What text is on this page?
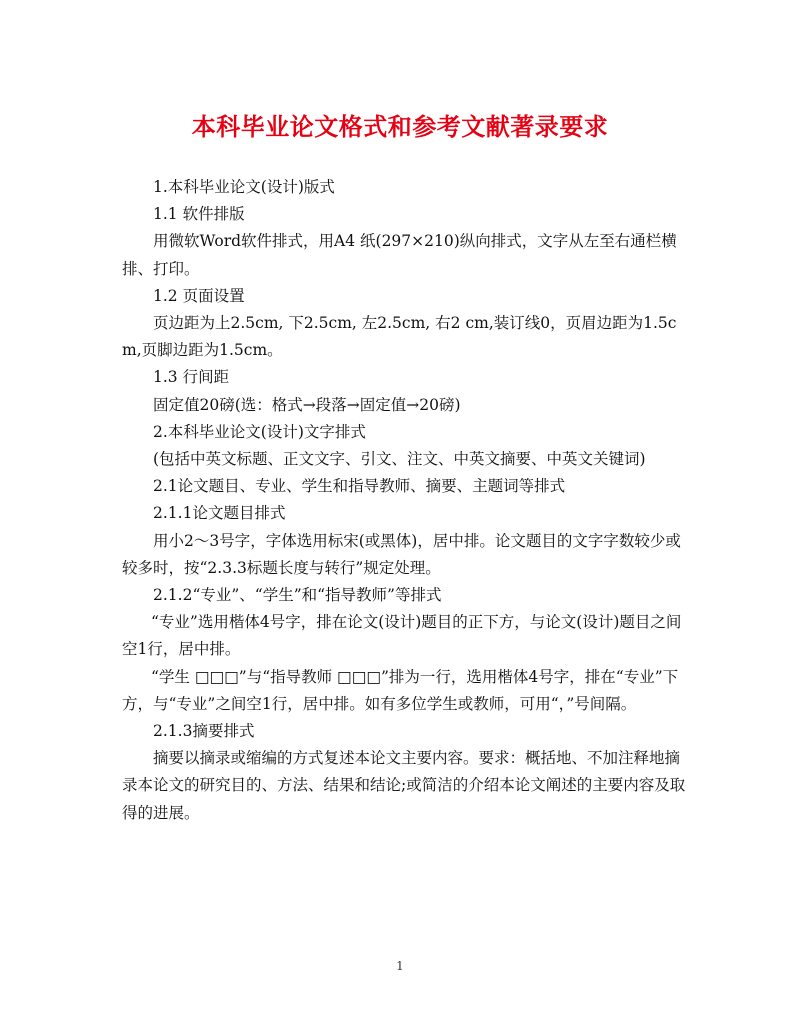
本科毕业论文格式和参考文献著录要求

1.本科毕业论文(设计)版式

1.1 软件排版

用微软Word软件排式，用A4 纸(297×210)纵向排式，文字从左至右通栏横排、打印。

1.2 页面设置

页边距为上2.5cm, 下2.5cm, 左2.5cm, 右2 cm,装订线0，页眉边距为1.5cm,页脚边距为1.5cm。

1.3 行间距

固定值20磅(选：格式→段落→固定值→20磅)

2.本科毕业论文(设计)文字排式

(包括中英文标题、正文文字、引文、注文、中英文摘要、中英文关键词)

2.1论文题目、专业、学生和指导教师、摘要、主题词等排式

2.1.1论文题目排式

用小2～3号字，字体选用标宋(或黑体)，居中排。论文题目的文字字数较少或较多时，按“2.3.3标题长度与转行”规定处理。

2.1.2“专业”、“学生”和“指导教师”等排式

“专业”选用楷体4号字，排在论文(设计)题目的正下方，与论文(设计)题目之间空1行，居中排。

“学生 □□□”与“指导教师 □□□”排为一行，选用楷体4号字，排在“专业”下方，与“专业”之间空1行，居中排。如有多位学生或教师，可用“，”号间隔。

2.1.3摘要排式

摘要以摘录或缩编的方式复述本论文主要内容。要求：概括地、不加注释地摘录本论文的研究目的、方法、结果和结论;或简洁的介绍本论文阐述的主要内容及取得的进展。

1
